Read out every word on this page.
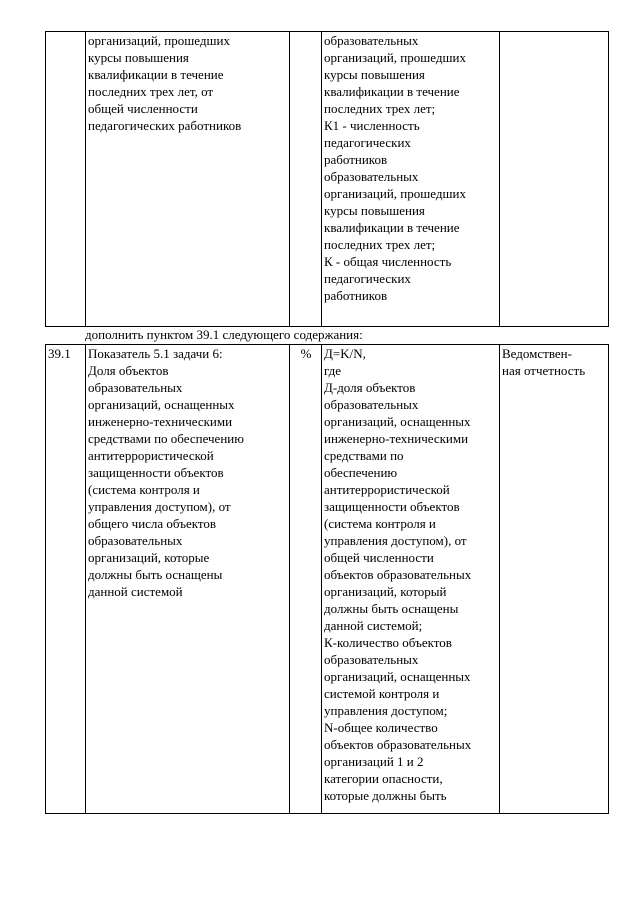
	организаций, прошедших
курсы повышения
квалификации в течение
последних трех лет, от
общей численности
педагогических работников		образовательных
организаций, прошедших
курсы повышения
квалификации в течение
последних трех лет;
К1 - численность
педагогических
работников
образовательных
организаций, прошедших
курсы повышения
квалификации в течение
последних трех лет;
К - общая численность
педагогических
работников	
дополнить пунктом 39.1 следующего содержания:
39.1	Показатель 5.1 задачи 6:
Доля объектов
образовательных
организаций, оснащенных
инженерно-техническими
средствами по обеспечению
антитеррористической
защищенности объектов
(система контроля и
управления доступом), от
общего числа объектов
образовательных
организаций, которые
должны быть оснащены
данной системой	%	Д=K/N,
где
Д-доля объектов
образовательных
организаций, оснащенных
инженерно-техническими
средствами по
обеспечению
антитеррористической
защищенности объектов
(система контроля и
управления доступом), от
общей численности
объектов образовательных
организаций, который
должны быть оснащены
данной системой;
К-количество объектов
образовательных
организаций, оснащенных
системой контроля и
управления доступом;
N-общее количество
объектов образовательных
организаций 1 и 2
категории опасности,
которые должны быть	Ведомствен-
ная отчетность
